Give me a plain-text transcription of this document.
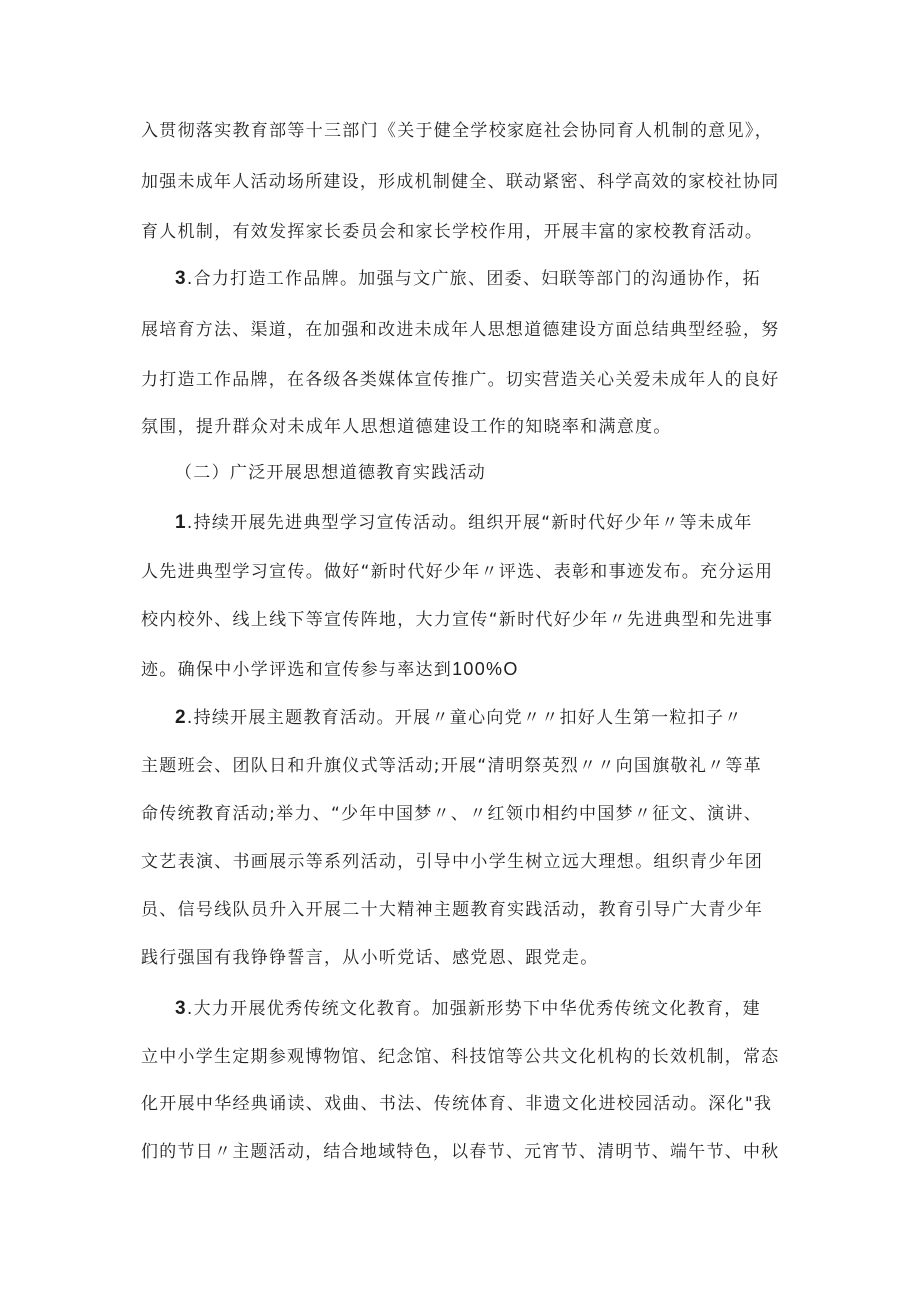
入贯彻落实教育部等十三部门《关于健全学校家庭社会协同育人机制的意见》，
加强未成年人活动场所建设，形成机制健全、联动紧密、科学高效的家校社协同
育人机制，有效发挥家长委员会和家长学校作用，开展丰富的家校教育活动。
3.合力打造工作品牌。加强与文广旅、团委、妇联等部门的沟通协作，拓
展培育方法、渠道，在加强和改进未成年人思想道德建设方面总结典型经验，努
力打造工作品牌，在各级各类媒体宣传推广。切实营造关心关爱未成年人的良好
氛围，提升群众对未成年人思想道德建设工作的知晓率和满意度。
（二）广泛开展思想道德教育实践活动
1.持续开展先进典型学习宣传活动。组织开展“新时代好少年〃等未成年
人先进典型学习宣传。做好“新时代好少年〃评选、表彰和事迹发布。充分运用
校内校外、线上线下等宣传阵地，大力宣传“新时代好少年〃先进典型和先进事
迹。确保中小学评选和宣传参与率达到100%O
2.持续开展主题教育活动。开展〃童心向党〃〃扣好人生第一粒扣子〃
主题班会、团队日和升旗仪式等活动;开展“清明祭英烈〃〃向国旗敬礼〃等革
命传统教育活动;举力、“少年中国梦〃、〃红领巾相约中国梦〃征文、演讲、
文艺表演、书画展示等系列活动，引导中小学生树立远大理想。组织青少年团
员、信号线队员升入开展二十大精神主题教育实践活动，教育引导广大青少年
践行强国有我铮铮誓言，从小听党话、感党恩、跟党走。
3.大力开展优秀传统文化教育。加强新形势下中华优秀传统文化教育，建
立中小学生定期参观博物馆、纪念馆、科技馆等公共文化机构的长效机制，常态
化开展中华经典诵读、戏曲、书法、传统体育、非遗文化进校园活动。深化"我
们的节日〃主题活动，结合地域特色，以春节、元宵节、清明节、端午节、中秋
